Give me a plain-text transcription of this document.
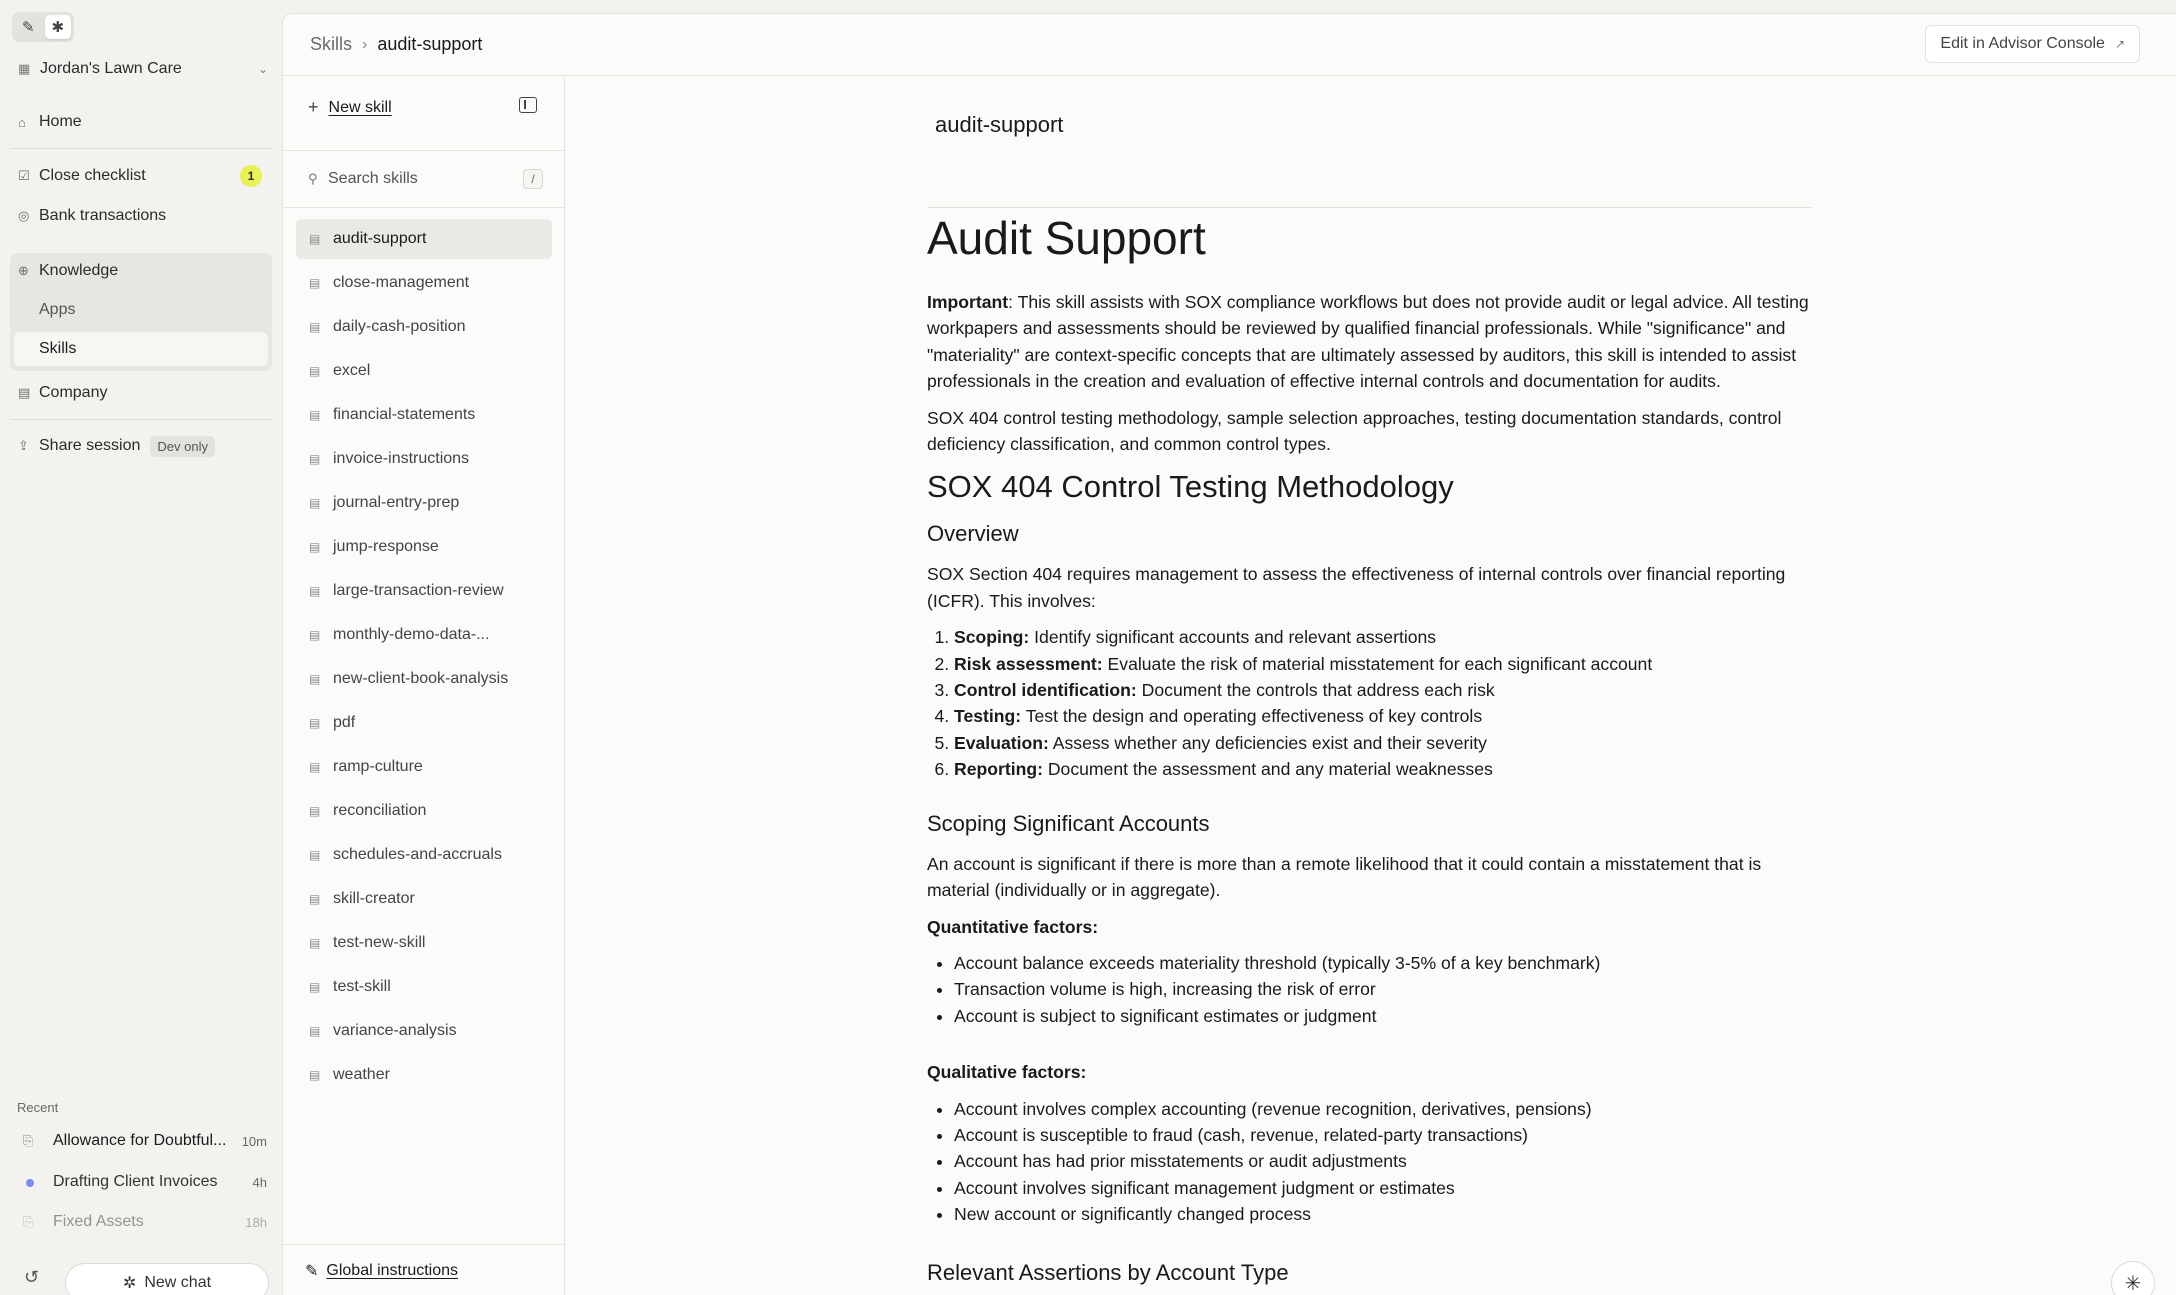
✎	✱
▦ Jordan's Lawn Care	⌄
⌂ Home
☑ Close checklist	1
◎ Bank transactions
⊕ Knowledge
Apps
Skills
▤ Company
⇪ Share session	Dev only
Recent
⎘	Allowance for Doubtful... 10m
Drafting Client Invoices	4h
⎘	Fixed Assets	18h
↺	✲ New chat
Skills › audit-support	Edit in Advisor Console ↗
+ New skill
⚲
Search skills	/
▤ audit-support
▤ close-management
▤ daily-cash-position
▤ excel
▤ financial-statements
▤ invoice-instructions
▤ journal-entry-prep
▤ jump-response
▤ large-transaction-review
▤ monthly-demo-data-...
▤ new-client-book-analysis
▤ pdf
▤ ramp-culture
▤ reconciliation
▤ schedules-and-accruals
▤ skill-creator
▤ test-new-skill
▤ test-skill
▤ variance-analysis
▤ weather
✎ Global instructions
audit-support
Audit Support

Important: This skill assists with SOX compliance workflows but does not provide audit or legal advice. All testing workpapers and assessments should be reviewed by qualified financial professionals. While "significance" and "materiality" are context-specific concepts that are ultimately assessed by auditors, this skill is intended to assist professionals in the creation and evaluation of effective internal controls and documentation for audits.

SOX 404 control testing methodology, sample selection approaches, testing documentation standards, control deficiency classification, and common control types.

SOX 404 Control Testing Methodology
Overview

SOX Section 404 requires management to assess the effectiveness of internal controls over financial reporting (ICFR). This involves:

1. Scoping: Identify significant accounts and relevant assertions
2. Risk assessment: Evaluate the risk of material misstatement for each significant account
3. Control identification: Document the controls that address each risk
4. Testing: Test the design and operating effectiveness of key controls
5. Evaluation: Assess whether any deficiencies exist and their severity
6. Reporting: Document the assessment and any material weaknesses
Scoping Significant Accounts

An account is significant if there is more than a remote likelihood that it could contain a misstatement that is material (individually or in aggregate).

Quantitative factors:

• Account balance exceeds materiality threshold (typically 3-5% of a key benchmark)
• Transaction volume is high, increasing the risk of error
• Account is subject to significant estimates or judgment

Qualitative factors:

• Account involves complex accounting (revenue recognition, derivatives, pensions)
• Account is susceptible to fraud (cash, revenue, related-party transactions)
• Account has had prior misstatements or audit adjustments
• Account involves significant management judgment or estimates
• New account or significantly changed process
Relevant Assertions by Account Type	✳
